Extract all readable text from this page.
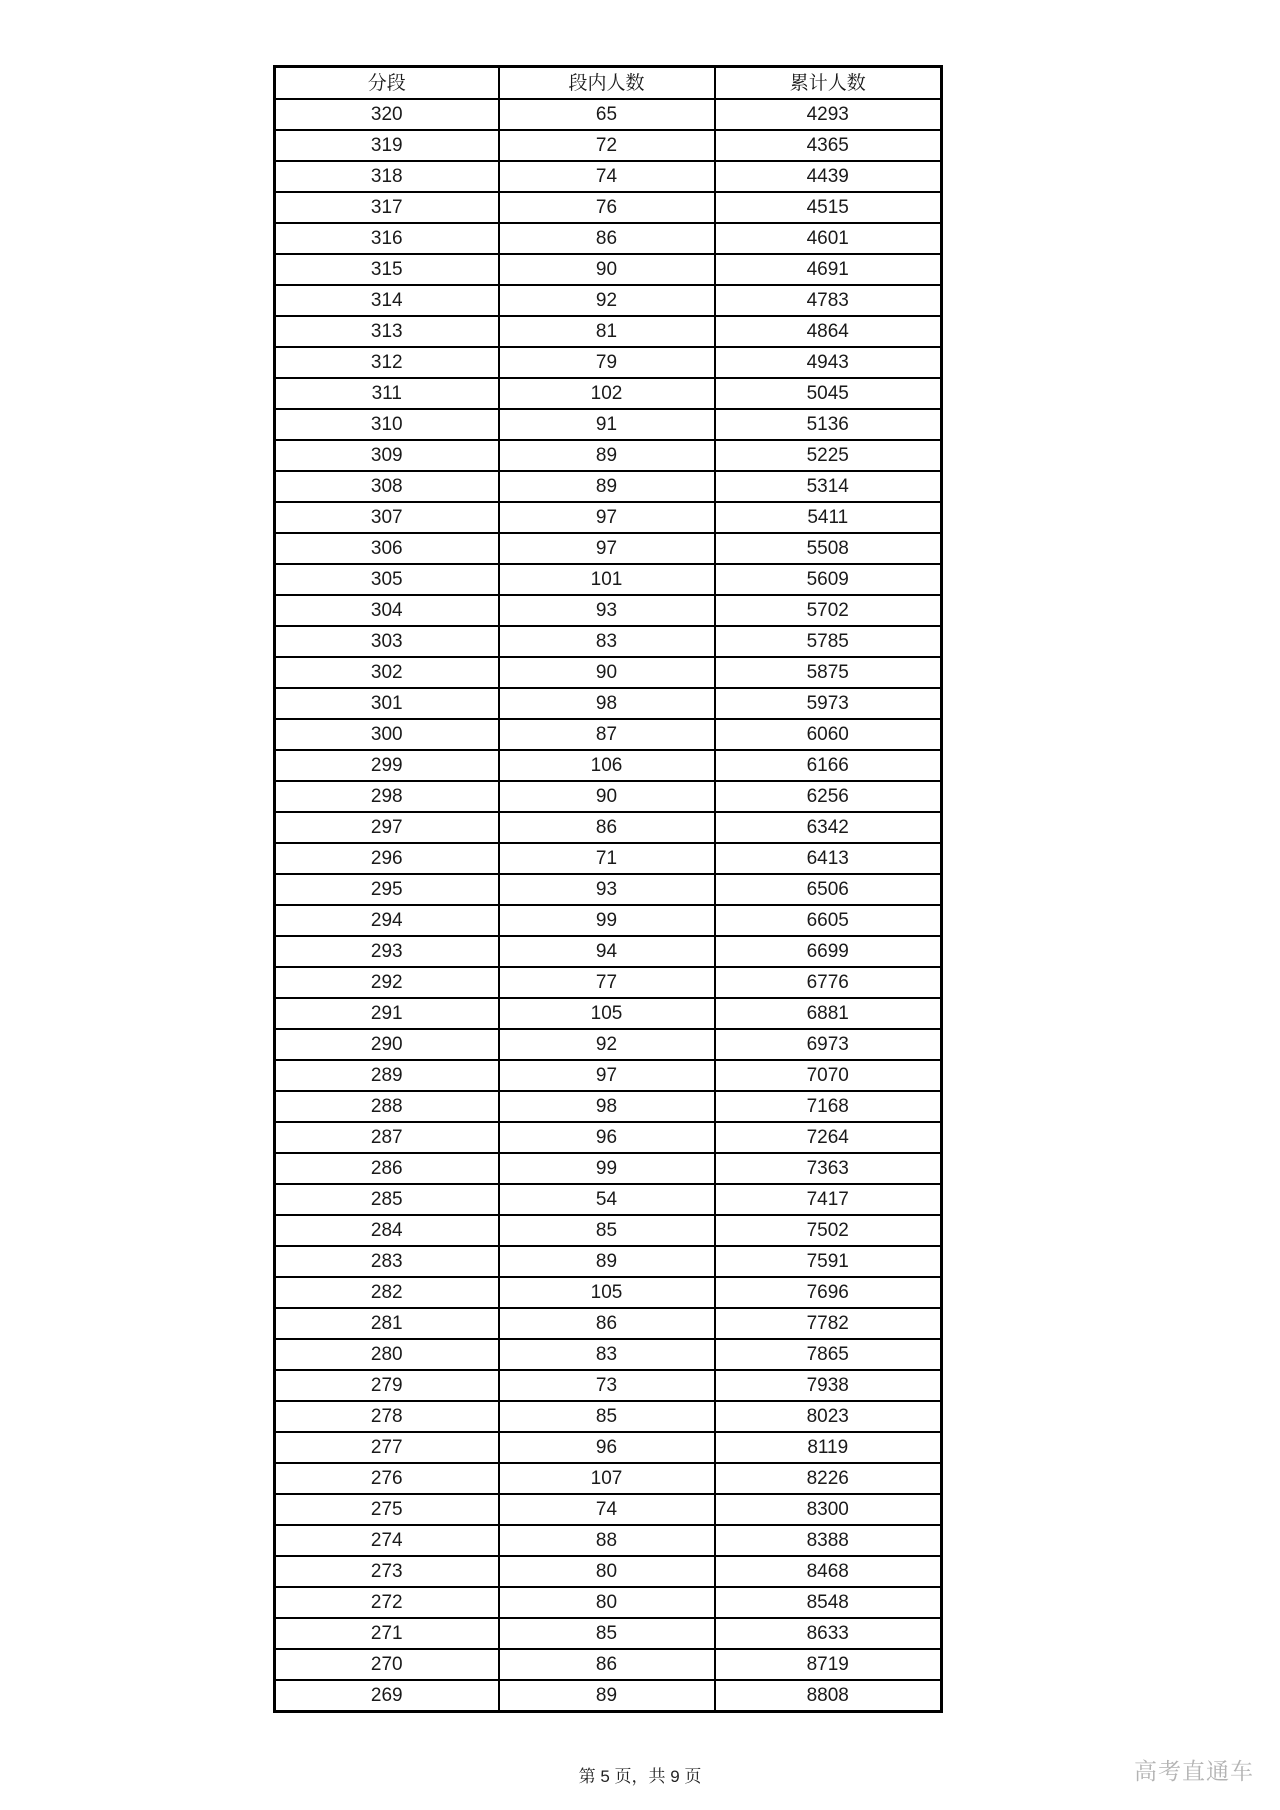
分段	段内人数	累计人数
320	65	4293
319	72	4365
318	74	4439
317	76	4515
316	86	4601
315	90	4691
314	92	4783
313	81	4864
312	79	4943
311	102	5045
310	91	5136
309	89	5225
308	89	5314
307	97	5411
306	97	5508
305	101	5609
304	93	5702
303	83	5785
302	90	5875
301	98	5973
300	87	6060
299	106	6166
298	90	6256
297	86	6342
296	71	6413
295	93	6506
294	99	6605
293	94	6699
292	77	6776
291	105	6881
290	92	6973
289	97	7070
288	98	7168
287	96	7264
286	99	7363
285	54	7417
284	85	7502
283	89	7591
282	105	7696
281	86	7782
280	83	7865
279	73	7938
278	85	8023
277	96	8119
276	107	8226
275	74	8300
274	88	8388
273	80	8468
272	80	8548
271	85	8633
270	86	8719
269	89	8808
第 5 页，共 9 页	高考直通车
